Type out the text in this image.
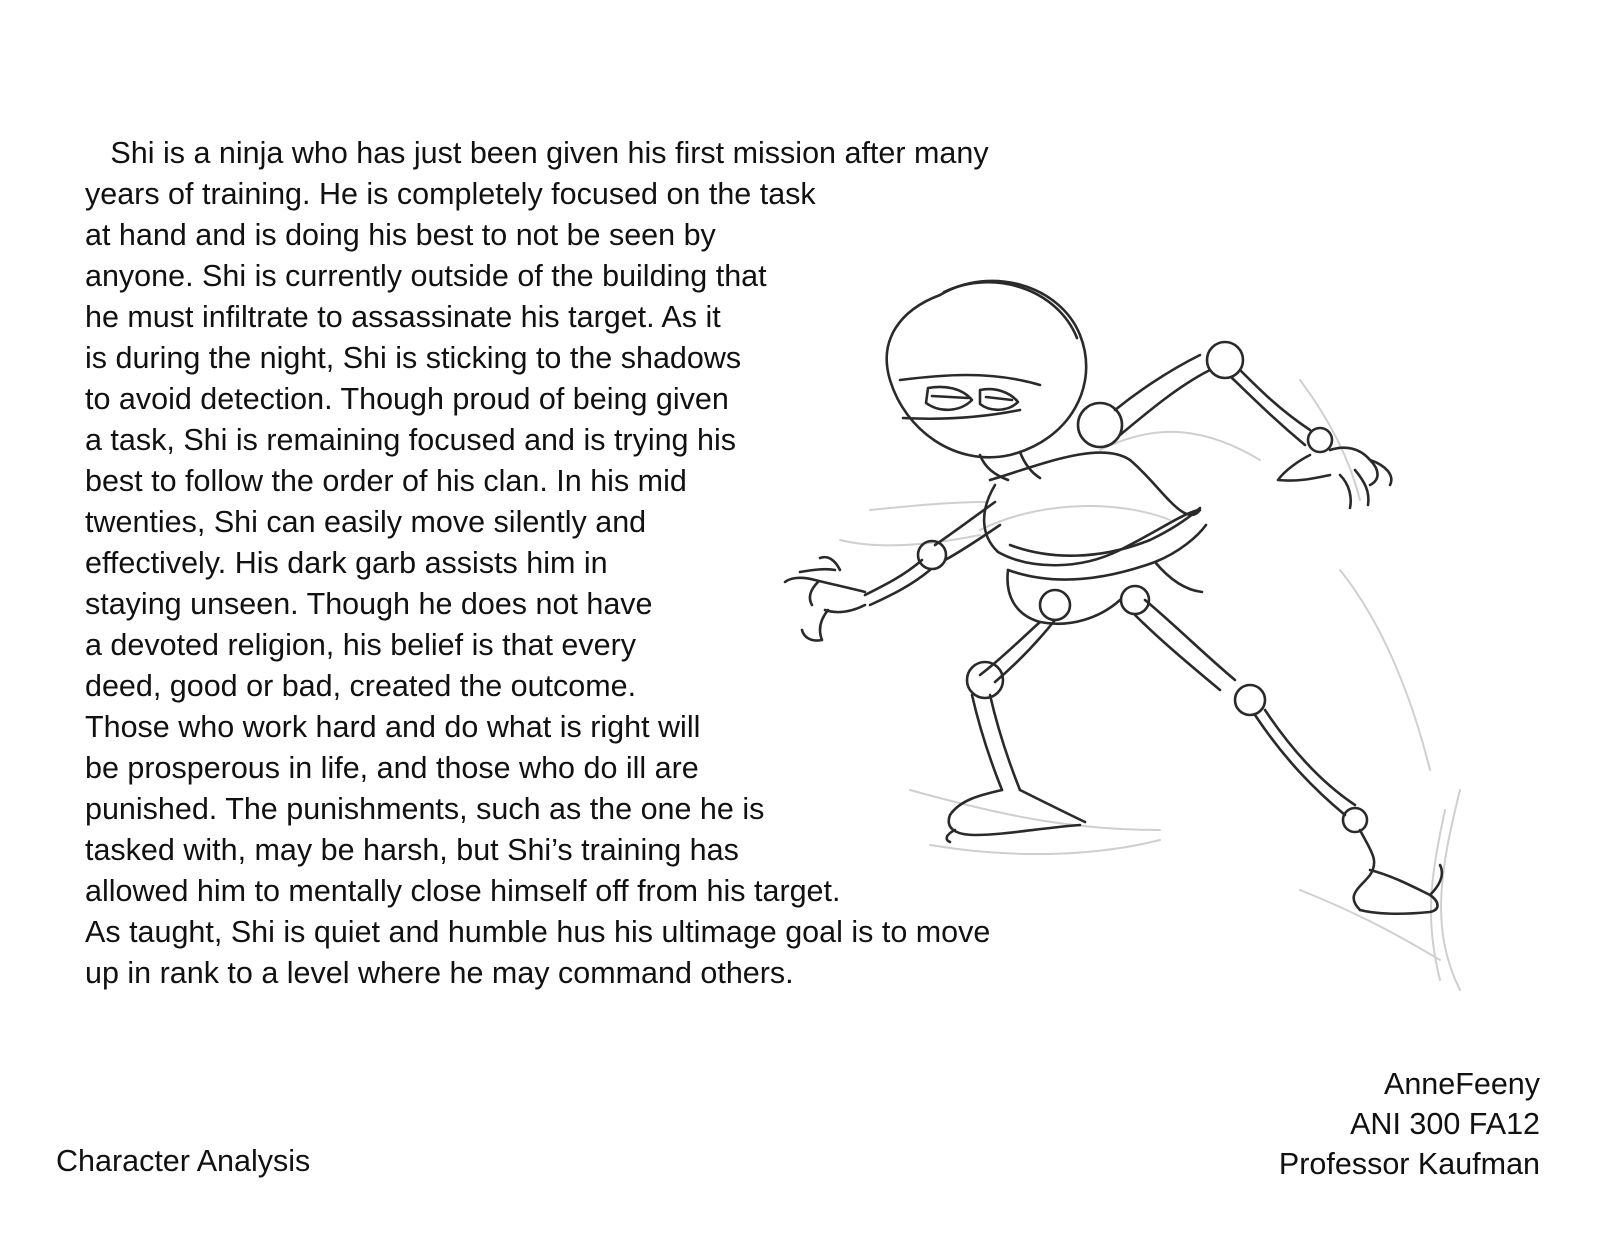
Shi is a ninja who has just been given his first mission after many
years of training. He is completely focused on the task
at hand and is doing his best to not be seen by
anyone. Shi is currently outside of the building that
he must infiltrate to assassinate his target. As it
is during the night, Shi is sticking to the shadows
to avoid detection. Though proud of being given
a task, Shi is remaining focused and is trying his
best to follow the order of his clan. In his mid
twenties, Shi can easily move silently and
effectively. His dark garb assists him in
staying unseen. Though he does not have
a devoted religion, his belief is that every
deed, good or bad, created the outcome.
Those who work hard and do what is right will
be prosperous in life, and those who do ill are
punished. The punishments, such as the one he is
tasked with, may be harsh, but Shi’s training has
allowed him to mentally close himself off from his target.
As taught, Shi is quiet and humble hus his ultimage goal is to move
up in rank to a level where he may command others.
Character Analysis
AnneFeeny
ANI 300 FA12
Professor Kaufman
